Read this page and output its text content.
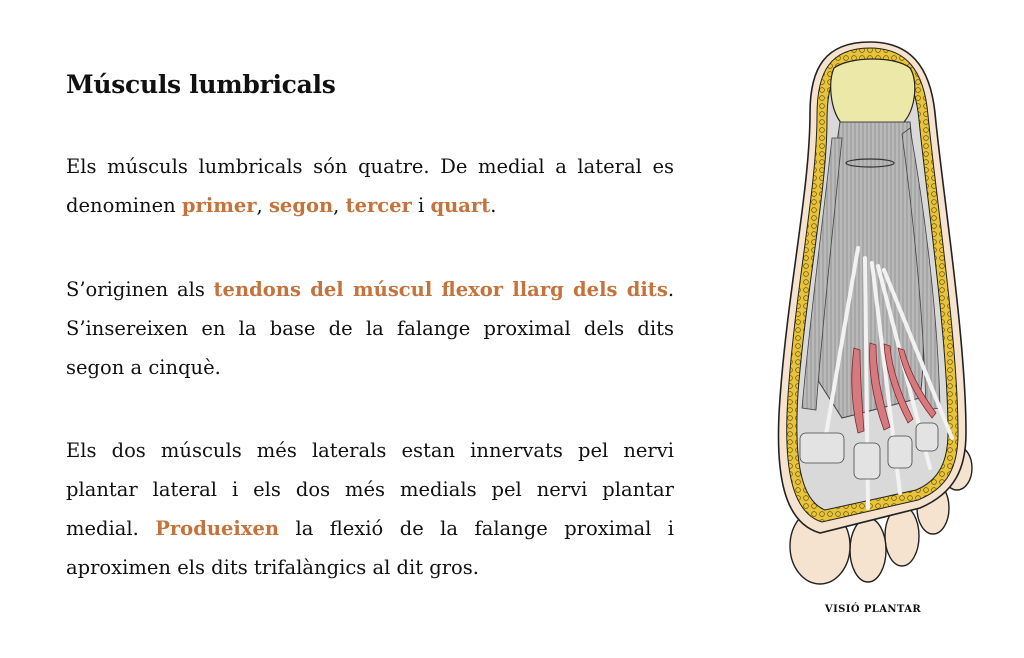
Músculs lumbricals

Els músculs lumbricals són quatre. De medial a lateral es denominen primer, segon, tercer i quart.

S’originen als tendons del múscul flexor llarg dels dits. S’insereixen en la base de la falange proximal dels dits segon a cinquè.

Els dos músculs més laterals estan innervats pel nervi plantar lateral i els dos més medials pel nervi plantar medial. Produeixen la flexió de la falange proximal i aproximen els dits trifalàngics al dit gros.

VISIÓ PLANTAR
